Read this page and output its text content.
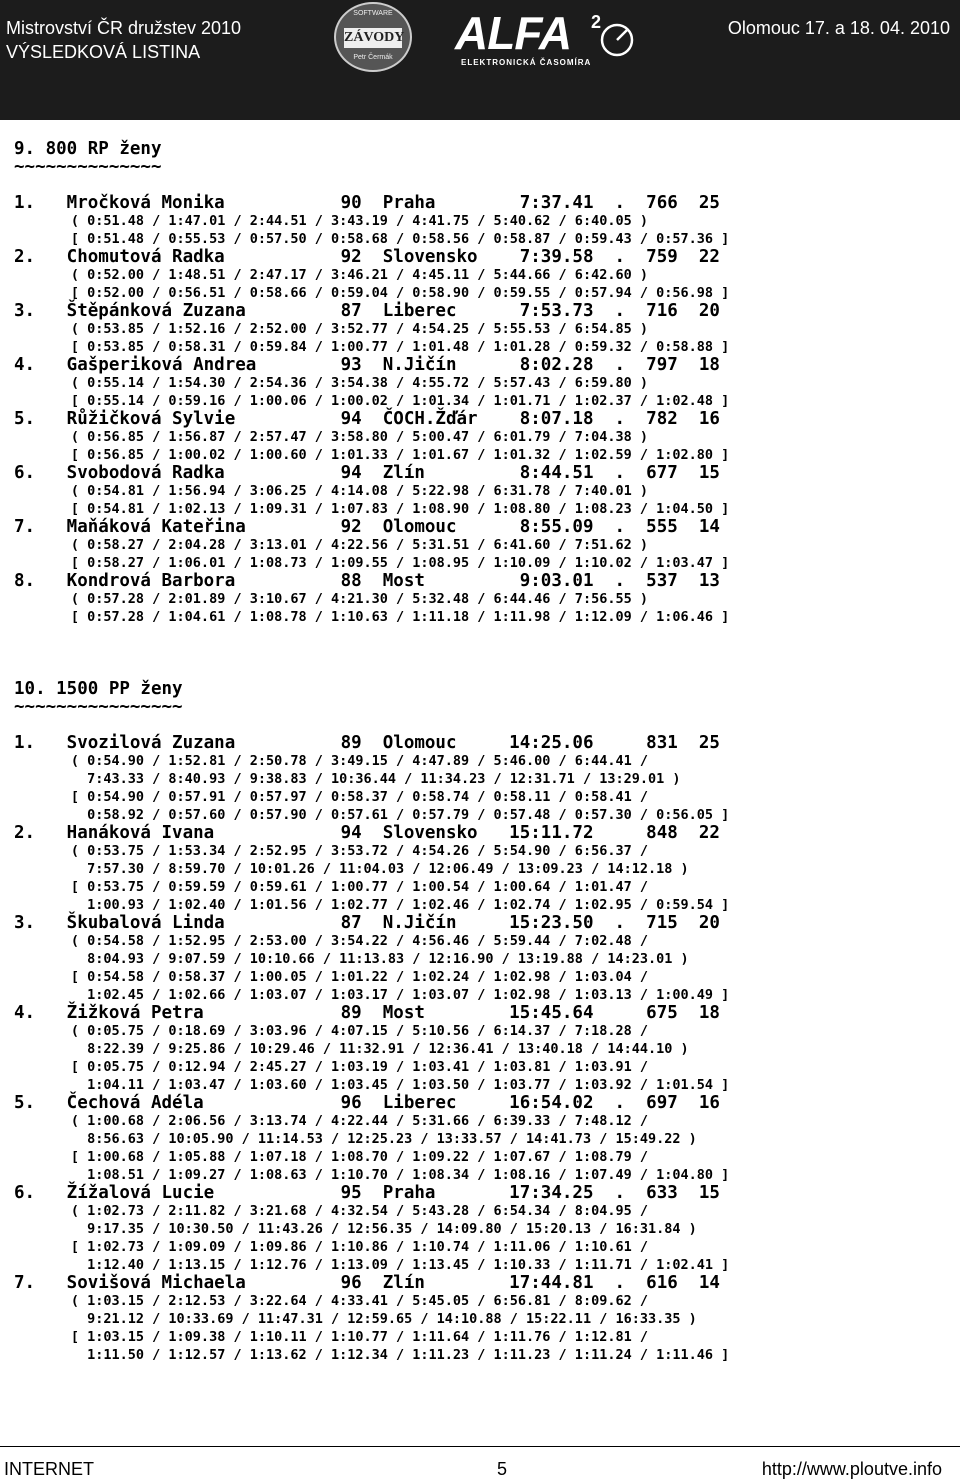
Mistrovství ČR družstev 2010
VÝSLEDKOVÁ LISTINA
SOFTWARE
ZÁVODY
Petr Čermák	ALFA	2
ELEKTRONICKÁ ČASOMÍRA
Olomouc 17. a 18. 04. 2010
9. 800 RP ženy
~~~~~~~~~~~~~~
1.   Mročková Monika           90  Praha        7:37.41  .  766  25
( 0:51.48 / 1:47.01 / 2:44.51 / 3:43.19 / 4:41.75 / 5:40.62 / 6:40.05 )
[ 0:51.48 / 0:55.53 / 0:57.50 / 0:58.68 / 0:58.56 / 0:58.87 / 0:59.43 / 0:57.36 ]
2.   Chomutová Radka           92  Slovensko    7:39.58  .  759  22
( 0:52.00 / 1:48.51 / 2:47.17 / 3:46.21 / 4:45.11 / 5:44.66 / 6:42.60 )
[ 0:52.00 / 0:56.51 / 0:58.66 / 0:59.04 / 0:58.90 / 0:59.55 / 0:57.94 / 0:56.98 ]
3.   Štěpánková Zuzana         87  Liberec      7:53.73  .  716  20
( 0:53.85 / 1:52.16 / 2:52.00 / 3:52.77 / 4:54.25 / 5:55.53 / 6:54.85 )
[ 0:53.85 / 0:58.31 / 0:59.84 / 1:00.77 / 1:01.48 / 1:01.28 / 0:59.32 / 0:58.88 ]
4.   Gašperiková Andrea        93  N.Jičín      8:02.28  .  797  18
( 0:55.14 / 1:54.30 / 2:54.36 / 3:54.38 / 4:55.72 / 5:57.43 / 6:59.80 )
[ 0:55.14 / 0:59.16 / 1:00.06 / 1:00.02 / 1:01.34 / 1:01.71 / 1:02.37 / 1:02.48 ]
5.   Růžičková Sylvie          94  ČOCH.Žďár    8:07.18  .  782  16
( 0:56.85 / 1:56.87 / 2:57.47 / 3:58.80 / 5:00.47 / 6:01.79 / 7:04.38 )
[ 0:56.85 / 1:00.02 / 1:00.60 / 1:01.33 / 1:01.67 / 1:01.32 / 1:02.59 / 1:02.80 ]
6.   Svobodová Radka           94  Zlín         8:44.51  .  677  15
( 0:54.81 / 1:56.94 / 3:06.25 / 4:14.08 / 5:22.98 / 6:31.78 / 7:40.01 )
[ 0:54.81 / 1:02.13 / 1:09.31 / 1:07.83 / 1:08.90 / 1:08.80 / 1:08.23 / 1:04.50 ]
7.   Maňáková Kateřina         92  Olomouc      8:55.09  .  555  14
( 0:58.27 / 2:04.28 / 3:13.01 / 4:22.56 / 5:31.51 / 6:41.60 / 7:51.62 )
[ 0:58.27 / 1:06.01 / 1:08.73 / 1:09.55 / 1:08.95 / 1:10.09 / 1:10.02 / 1:03.47 ]
8.   Kondrová Barbora          88  Most         9:03.01  .  537  13
( 0:57.28 / 2:01.89 / 3:10.67 / 4:21.30 / 5:32.48 / 6:44.46 / 7:56.55 )
[ 0:57.28 / 1:04.61 / 1:08.78 / 1:10.63 / 1:11.18 / 1:11.98 / 1:12.09 / 1:06.46 ]
10. 1500 PP ženy
~~~~~~~~~~~~~~~~
1.   Svozilová Zuzana          89  Olomouc     14:25.06     831  25
( 0:54.90 / 1:52.81 / 2:50.78 / 3:49.15 / 4:47.89 / 5:46.00 / 6:44.41 /
7:43.33 / 8:40.93 / 9:38.83 / 10:36.44 / 11:34.23 / 12:31.71 / 13:29.01 )
[ 0:54.90 / 0:57.91 / 0:57.97 / 0:58.37 / 0:58.74 / 0:58.11 / 0:58.41 /
0:58.92 / 0:57.60 / 0:57.90 / 0:57.61 / 0:57.79 / 0:57.48 / 0:57.30 / 0:56.05 ]
2.   Hanáková Ivana            94  Slovensko   15:11.72     848  22
( 0:53.75 / 1:53.34 / 2:52.95 / 3:53.72 / 4:54.26 / 5:54.90 / 6:56.37 /
7:57.30 / 8:59.70 / 10:01.26 / 11:04.03 / 12:06.49 / 13:09.23 / 14:12.18 )
[ 0:53.75 / 0:59.59 / 0:59.61 / 1:00.77 / 1:00.54 / 1:00.64 / 1:01.47 /
1:00.93 / 1:02.40 / 1:01.56 / 1:02.77 / 1:02.46 / 1:02.74 / 1:02.95 / 0:59.54 ]
3.   Škubalová Linda           87  N.Jičín     15:23.50  .  715  20
( 0:54.58 / 1:52.95 / 2:53.00 / 3:54.22 / 4:56.46 / 5:59.44 / 7:02.48 /
8:04.93 / 9:07.59 / 10:10.66 / 11:13.83 / 12:16.90 / 13:19.88 / 14:23.01 )
[ 0:54.58 / 0:58.37 / 1:00.05 / 1:01.22 / 1:02.24 / 1:02.98 / 1:03.04 /
1:02.45 / 1:02.66 / 1:03.07 / 1:03.17 / 1:03.07 / 1:02.98 / 1:03.13 / 1:00.49 ]
4.   Žižková Petra             89  Most        15:45.64     675  18
( 0:05.75 / 0:18.69 / 3:03.96 / 4:07.15 / 5:10.56 / 6:14.37 / 7:18.28 /
8:22.39 / 9:25.86 / 10:29.46 / 11:32.91 / 12:36.41 / 13:40.18 / 14:44.10 )
[ 0:05.75 / 0:12.94 / 2:45.27 / 1:03.19 / 1:03.41 / 1:03.81 / 1:03.91 /
1:04.11 / 1:03.47 / 1:03.60 / 1:03.45 / 1:03.50 / 1:03.77 / 1:03.92 / 1:01.54 ]
5.   Čechová Adéla             96  Liberec     16:54.02  .  697  16
( 1:00.68 / 2:06.56 / 3:13.74 / 4:22.44 / 5:31.66 / 6:39.33 / 7:48.12 /
8:56.63 / 10:05.90 / 11:14.53 / 12:25.23 / 13:33.57 / 14:41.73 / 15:49.22 )
[ 1:00.68 / 1:05.88 / 1:07.18 / 1:08.70 / 1:09.22 / 1:07.67 / 1:08.79 /
1:08.51 / 1:09.27 / 1:08.63 / 1:10.70 / 1:08.34 / 1:08.16 / 1:07.49 / 1:04.80 ]
6.   Žížalová Lucie            95  Praha       17:34.25  .  633  15
( 1:02.73 / 2:11.82 / 3:21.68 / 4:32.54 / 5:43.28 / 6:54.34 / 8:04.95 /
9:17.35 / 10:30.50 / 11:43.26 / 12:56.35 / 14:09.80 / 15:20.13 / 16:31.84 )
[ 1:02.73 / 1:09.09 / 1:09.86 / 1:10.86 / 1:10.74 / 1:11.06 / 1:10.61 /
1:12.40 / 1:13.15 / 1:12.76 / 1:13.09 / 1:13.45 / 1:10.33 / 1:11.71 / 1:02.41 ]
7.   Sovišová Michaela         96  Zlín        17:44.81  .  616  14
( 1:03.15 / 2:12.53 / 3:22.64 / 4:33.41 / 5:45.05 / 6:56.81 / 8:09.62 /
9:21.12 / 10:33.69 / 11:47.31 / 12:59.65 / 14:10.88 / 15:22.11 / 16:33.35 )
[ 1:03.15 / 1:09.38 / 1:10.11 / 1:10.77 / 1:11.64 / 1:11.76 / 1:12.81 /
1:11.50 / 1:12.57 / 1:13.62 / 1:12.34 / 1:11.23 / 1:11.23 / 1:11.24 / 1:11.46 ]
INTERNET	5	http://www.ploutve.info
